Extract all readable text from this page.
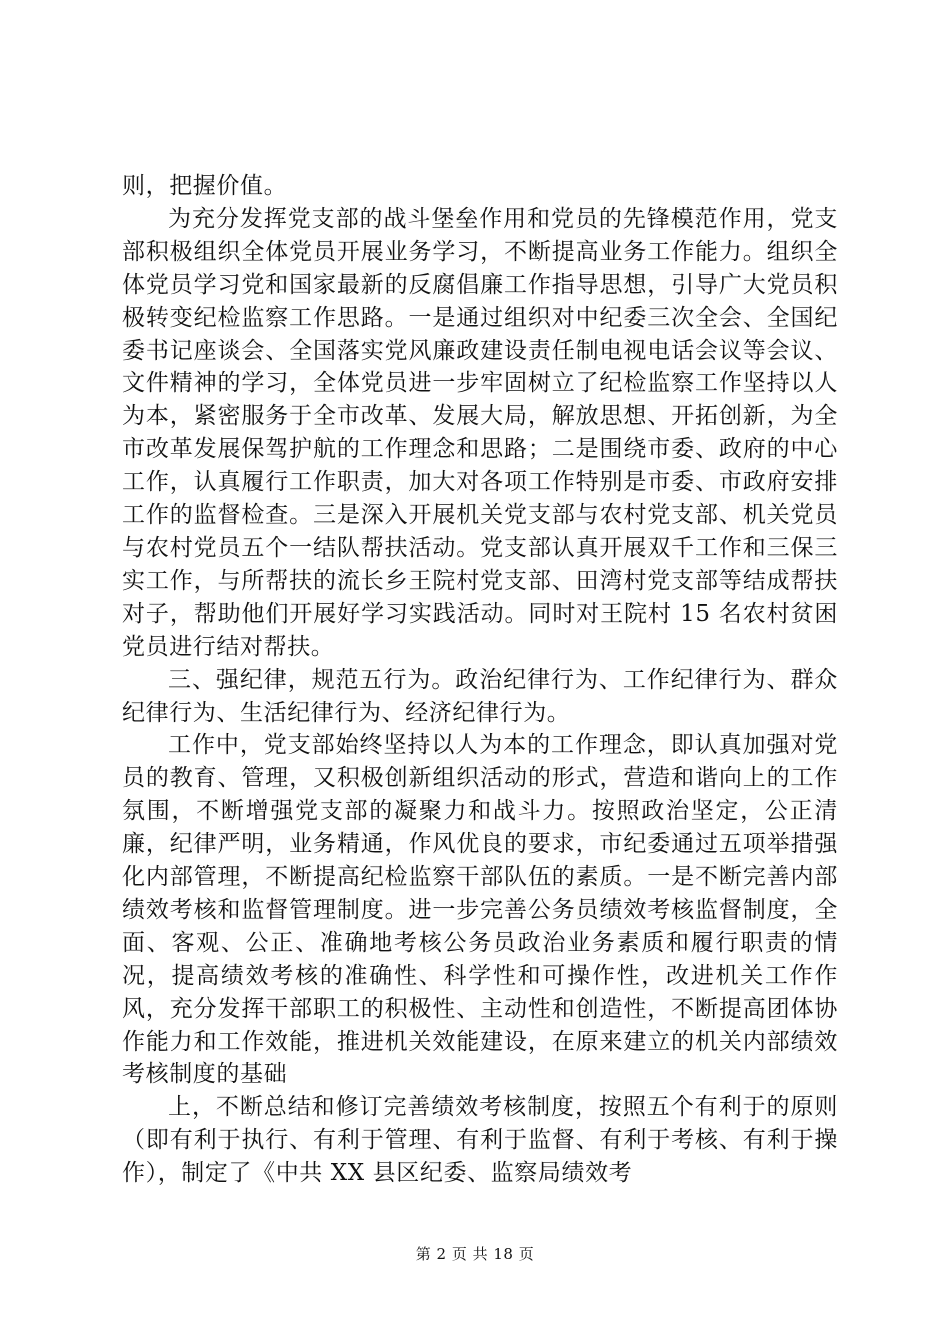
则，把握价值。

为充分发挥党支部的战斗堡垒作用和党员的先锋模范作用，党支部积极组织全体党员开展业务学习，不断提高业务工作能力。组织全体党员学习党和国家最新的反腐倡廉工作指导思想，引导广大党员积极转变纪检监察工作思路。一是通过组织对中纪委三次全会、全国纪委书记座谈会、全国落实党风廉政建设责任制电视电话会议等会议、文件精神的学习，全体党员进一步牢固树立了纪检监察工作坚持以人为本，紧密服务于全市改革、发展大局，解放思想、开拓创新，为全市改革发展保驾护航的工作理念和思路；二是围绕市委、政府的中心工作，认真履行工作职责，加大对各项工作特别是市委、市政府安排工作的监督检查。三是深入开展机关党支部与农村党支部、机关党员与农村党员五个一结队帮扶活动。党支部认真开展双千工作和三保三实工作，与所帮扶的流长乡王院村党支部、田湾村党支部等结成帮扶对子，帮助他们开展好学习实践活动。同时对王院村 15 名农村贫困党员进行结对帮扶。

三、强纪律，规范五行为。政治纪律行为、工作纪律行为、群众纪律行为、生活纪律行为、经济纪律行为。

工作中，党支部始终坚持以人为本的工作理念，即认真加强对党员的教育、管理，又积极创新组织活动的形式，营造和谐向上的工作氛围，不断增强党支部的凝聚力和战斗力。按照政治坚定，公正清廉，纪律严明，业务精通，作风优良的要求，市纪委通过五项举措强化内部管理，不断提高纪检监察干部队伍的素质。一是不断完善内部绩效考核和监督管理制度。进一步完善公务员绩效考核监督制度，全面、客观、公正、准确地考核公务员政治业务素质和履行职责的情况，提高绩效考核的准确性、科学性和可操作性，改进机关工作作风，充分发挥干部职工的积极性、主动性和创造性，不断提高团体协作能力和工作效能，推进机关效能建设，在原来建立的机关内部绩效考核制度的基础

上，不断总结和修订完善绩效考核制度，按照五个有利于的原则（即有利于执行、有利于管理、有利于监督、有利于考核、有利于操作），制定了《中共 XX 县区纪委、监察局绩效考

第 2 页 共 18 页
